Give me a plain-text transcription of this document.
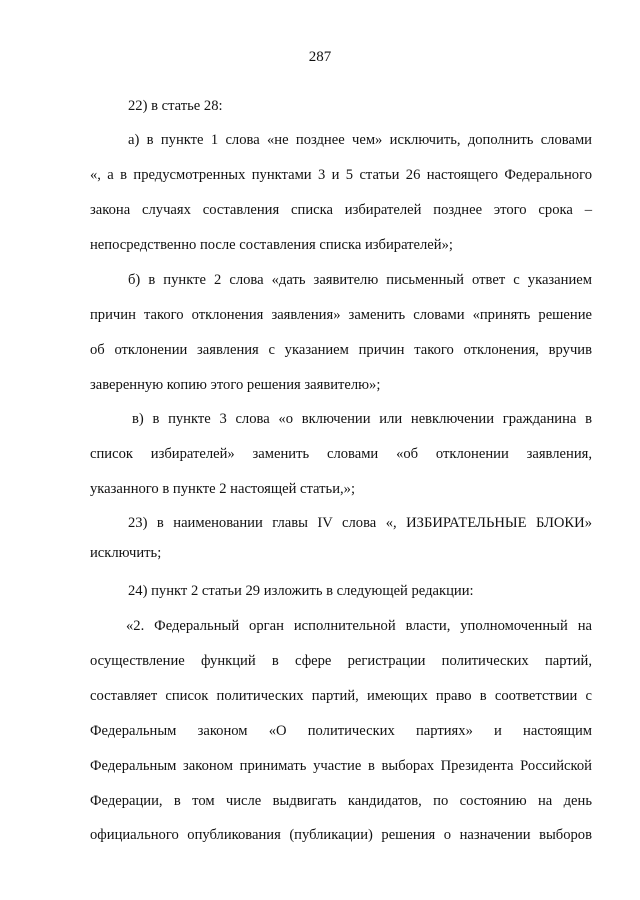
287
22) в статье 28:
а) в пункте 1 слова «не позднее чем» исключить, дополнить словами
«, а в предусмотренных пунктами 3 и 5 статьи 26 настоящего Федерального
закона случаях составления списка избирателей позднее этого срока –
непосредственно после составления списка избирателей»;
б) в пункте 2 слова «дать заявителю письменный ответ с указанием
причин такого отклонения заявления» заменить словами «принять решение
об отклонении заявления с указанием причин такого отклонения, вручив
заверенную копию этого решения заявителю»;
в) в пункте 3 слова «о включении или невключении гражданина в
список избирателей» заменить словами «об отклонении заявления,
указанного в пункте 2 настоящей статьи,»;
23) в наименовании главы IV слова «, ИЗБИРАТЕЛЬНЫЕ БЛОКИ»
исключить;
24) пункт 2 статьи 29 изложить в следующей редакции:
«2. Федеральный орган исполнительной власти, уполномоченный на
осуществление функций в сфере регистрации политических партий,
составляет список политических партий, имеющих право в соответствии с
Федеральным законом «О политических партиях» и настоящим
Федеральным законом принимать участие в выборах Президента Российской
Федерации, в том числе выдвигать кандидатов, по состоянию на день
официального опубликования (публикации) решения о назначении выборов
